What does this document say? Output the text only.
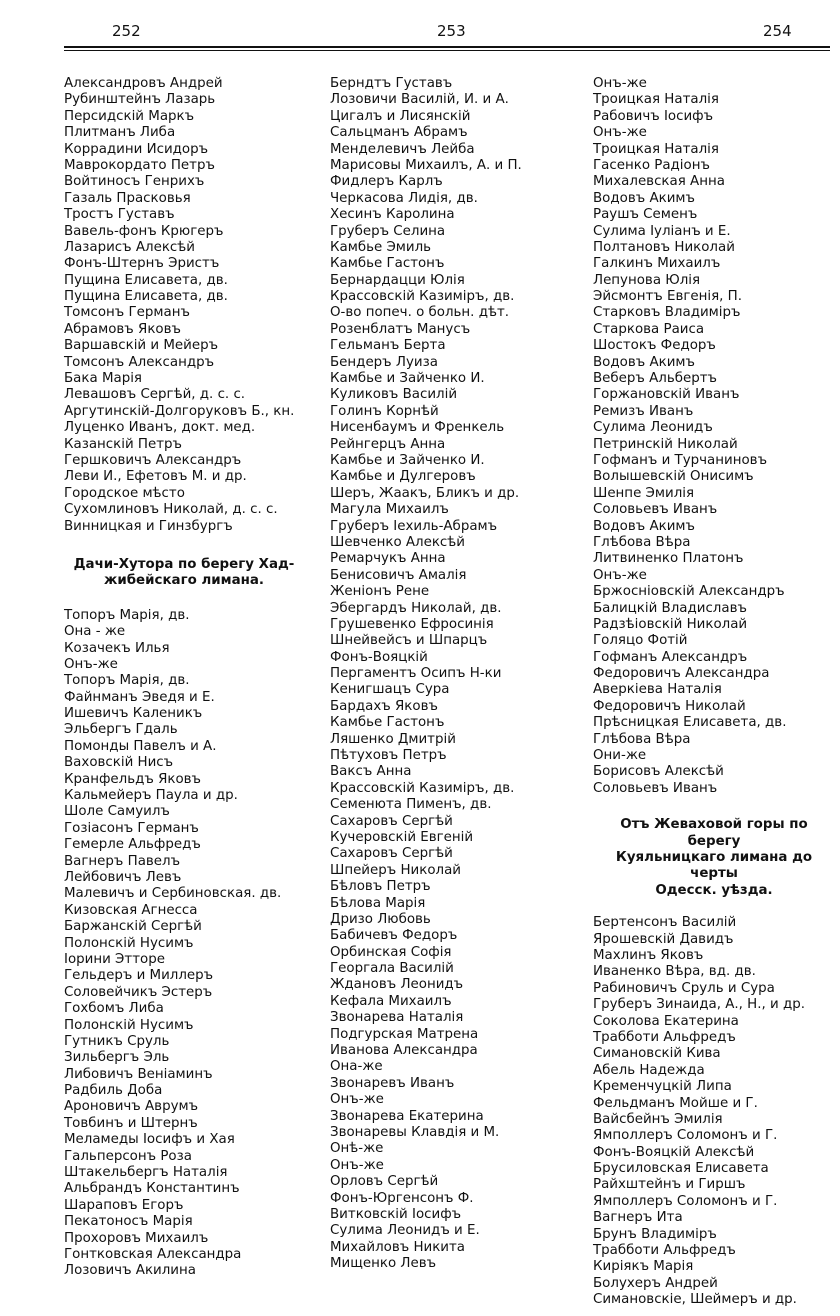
252	253	254
Александровъ Андрей
Рубинштейнъ Лазарь
Персидскій Маркъ
Плитманъ Либа
Коррадини Исидоръ
Маврокордато Петръ
Войтиносъ Генрихъ
Газаль Прасковья
Тростъ Густавъ
Вавель-фонъ Крюгеръ
Лазарисъ Алексѣй
Фонъ-Штернъ Эристъ
Пущина Елисавета, дв.
Пущина Елисавета, дв.
Томсонъ Германъ
Абрамовъ Яковъ
Варшавскій и Мейеръ
Томсонъ Александръ
Бака Марія
Левашовъ Сергѣй, д. с. с.
Аргутинскій-Долгоруковъ Б., кн.
Луценко Иванъ, докт. мед.
Казанскій Петръ
Гершковичъ Александръ
Леви И., Ефетовъ М. и др.
Городское мѣсто
Сухомлиновъ Николай, д. с. с.
Винницкая и Гинзбургъ
Дачи-Хутора по берегу Хад-
жибейскаго лимана.
Топоръ Марія, дв.
Она - же
Козачекъ Илья
Онъ-же
Топоръ Марія, дв.
Файнманъ Эведя и Е.
Ишевичъ Каленикъ
Эльбергъ Гдаль
Помонды Павелъ и А.
Ваховскій Нисъ
Кранфельдъ Яковъ
Кальмейеръ Паула и др.
Шоле Самуилъ
Гозіасонъ Германъ
Гемерле Альфредъ
Вагнеръ Павелъ
Лейбовичъ Левъ
Малевичъ и Сербиновская. дв.
Кизовская Агнесса
Баржанскій Сергѣй
Полонскій Нусимъ
Іорини Этторе
Гельдеръ и Миллеръ
Соловейчикъ Эстеръ
Гохбомъ Либа
Полонскій Нусимъ
Гутникъ Сруль
Зильбергъ Эль
Либовичъ Веніаминъ
Радбиль Доба
Ароновичъ Аврумъ
Товбинъ и Штернъ
Меламеды Іосифъ и Хая
Гальперсонъ Роза
Штакельбергъ Наталія
Альбрандъ Константинъ
Шараповъ Егоръ
Пекатоносъ Марія
Прохоровъ Михаилъ
Гонтковская Александра
Лозовичъ Акилина
Берндтъ Густавъ
Лозовичи Василій, И. и А.
Цигалъ и Лисянскій
Сальцманъ Абрамъ
Менделевичъ Лейба
Марисовы Михаилъ, А. и П.
Фидлеръ Карлъ
Черкасова Лидія, дв.
Хесинъ Каролина
Груберъ Селина
Камбье Эмиль
Камбье Гастонъ
Бернардацци Юлія
Крассовскій Казиміръ, дв.
О-во попеч. о больн. дѣт.
Розенблатъ Манусъ
Гельманъ Берта
Бендеръ Луиза
Камбье и Зайченко И.
Куликовъ Василій
Голинъ Корнѣй
Нисенбаумъ и Френкель
Рейнгерцъ Анна
Камбье и Зайченко И.
Камбье и Дулгеровъ
Шеръ, Жаакъ, Бликъ и др.
Магула Михаилъ
Груберъ Іехиль-Абрамъ
Шевченко Алексѣй
Ремарчукъ Анна
Бенисовичъ Амалія
Женіонъ Рене
Эбергардъ Николай, дв.
Грушевенко Ефросинія
Шнейвейсъ и Шпарцъ
Фонъ-Вояцкій
Пергаментъ Осипъ Н-ки
Кенигшацъ Сура
Бардахъ Яковъ
Камбье Гастонъ
Ляшенко Дмитрій
Пѣтуховъ Петръ
Ваксъ Анна
Крассовскій Казиміръ, дв.
Семенюта Пименъ, дв.
Сахаровъ Сергѣй
Кучеровскій Евгеній
Сахаровъ Сергѣй
Шпейеръ Николай
Бѣловъ Петръ
Бѣлова Марія
Дризо Любовь
Бабичевъ Федоръ
Орбинская Софія
Георгала Василій
Ждановъ Леонидъ
Кефала Михаилъ
Звонарева Наталія
Подгурская Матрена
Иванова Александра
Она-же
Звонаревъ Иванъ
Онъ-же
Звонарева Екатерина
Звонаревы Клавдія и М.
Онѣ-же
Онъ-же
Орловъ Сергѣй
Фонъ-Юргенсонъ Ф.
Витковскій Іосифъ
Сулима Леонидъ и Е.
Михайловъ Никита
Мищенко Левъ
Онъ-же
Троицкая Наталія
Рабовичъ Іосифъ
Онъ-же
Троицкая Наталія
Гасенко Радіонъ
Михалевская Анна
Водовъ Акимъ
Раушъ Семенъ
Сулима Іуліанъ и Е.
Полтановъ Николай
Галкинъ Михаилъ
Лепунова Юлія
Эйсмонтъ Евгенія, П.
Старковъ Владиміръ
Старкова Раиса
Шостокъ Федоръ
Водовъ Акимъ
Веберъ Альбертъ
Горжановскій Иванъ
Ремизъ Иванъ
Сулима Леонидъ
Петринскій Николай
Гофманъ и Турчаниновъ
Волышевскій Онисимъ
Шенпе Эмилія
Соловьевъ Иванъ
Водовъ Акимъ
Глѣбова Вѣра
Литвиненко Платонъ
Онъ-же
Бржосніовскій Александръ
Балицкій Владиславъ
Радзѣіовскій Николай
Голяцо Фотій
Гофманъ Александръ
Федоровичъ Александра
Аверкіева Наталія
Федоровичъ Николай
Прѣсницкая Елисавета, дв.
Глѣбова Вѣра
Они-же
Борисовъ Алексѣй
Соловьевъ Иванъ
Отъ Жеваховой горы по берегу
Куяльницкаго лимана до черты
Одесск. уѣзда.
Бертенсонъ Василій
Ярошевскій Давидъ
Махлинъ Яковъ
Иваненко Вѣра, вд. дв.
Рабиновичъ Сруль и Сура
Груберъ Зинаида, А., Н., и др.
Соколова Екатерина
Трабботи Альфредъ
Симановскій Кива
Абель Надежда
Кременчуцкій Липа
Фельдманъ Мойше и Г.
Вайсбейнъ Эмилія
Ямполлеръ Соломонъ и Г.
Фонъ-Вояцкій Алексѣй
Брусиловская Елисавета
Райхштейнъ и Гиршъ
Ямполлеръ Соломонъ и Г.
Вагнеръ Ита
Брунъ Владиміръ
Трабботи Альфредъ
Киріякъ Марія
Болухеръ Андрей
Симановскіе, Шеймеръ и др.
